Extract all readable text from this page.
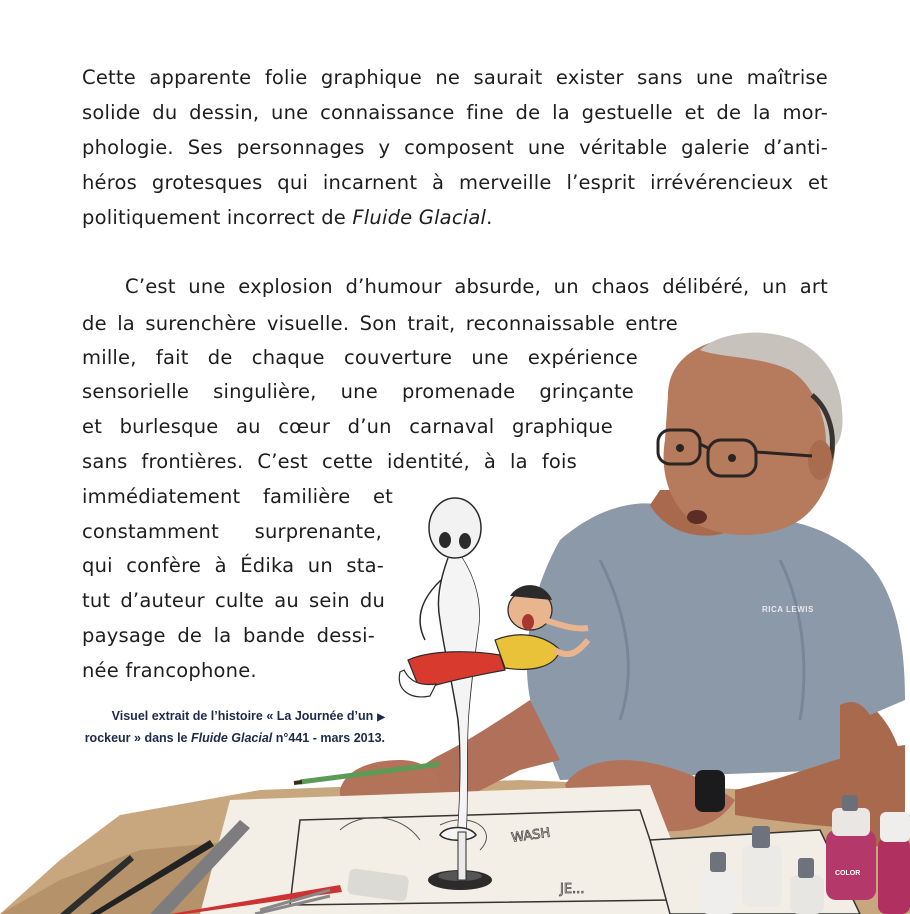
RICA LEWIS
WASH
JE...
COLOR

Cette apparente folie graphique ne saurait exister sans une maîtrise

solide du dessin, une connaissance fine de la gestuelle et de la mor-

phologie. Ses personnages y composent une véritable galerie d’anti-

héros grotesques qui incarnent à merveille l’esprit irrévérencieux et

politiquement incorrect de Fluide Glacial.

C’est une explosion d’humour absurde, un chaos délibéré, un art

de la surenchère visuelle. Son trait, reconnaissable entre

mille, fait de chaque couverture une expérience

sensorielle singulière, une promenade grinçante

et burlesque au cœur d’un carnaval graphique

sans frontières. C’est cette identité, à la fois

immédiatement familière et

constamment surprenante,

qui confère à Édika un sta-

tut d’auteur culte au sein du

paysage de la bande dessi-

née francophone.

Visuel extrait de l’histoire « La Journée d’un ▶
rockeur » dans le Fluide Glacial n°441 - mars 2013.
